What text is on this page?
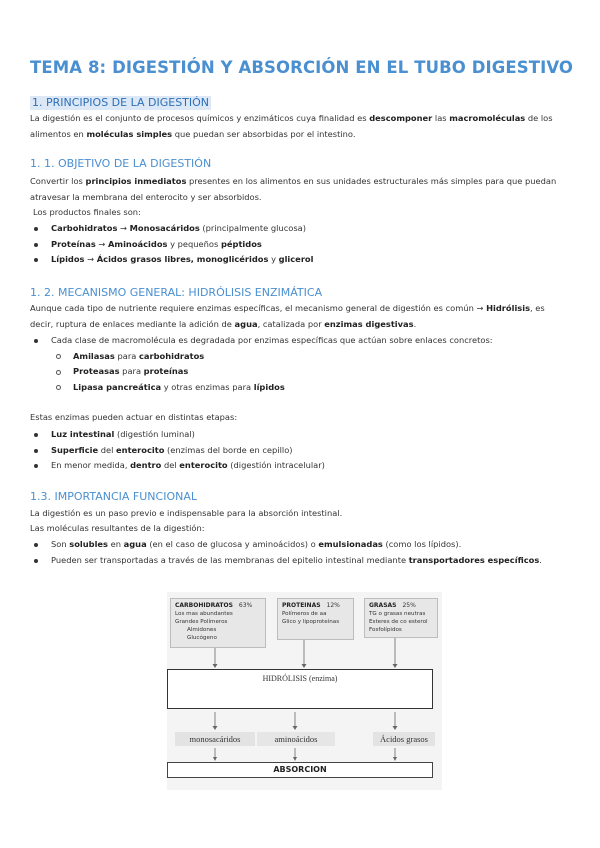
TEMA 8: DIGESTIÓN Y ABSORCIÓN EN EL TUBO DIGESTIVO
1. PRINCIPIOS DE LA DIGESTIÓN

La digestión es el conjunto de procesos químicos y enzimáticos cuya finalidad es descomponer las macromoléculas de los alimentos en moléculas simples que puedan ser absorbidas por el intestino.

1. 1. OBJETIVO DE LA DIGESTIÓN

Convertir los principios inmediatos presentes en los alimentos en sus unidades estructurales más simples para que puedan atravesar la membrana del enterocito y ser absorbidos.

Los productos finales son:

Carbohidratos → Monosacáridos (principalmente glucosa)
Proteínas → Aminoácidos y pequeños péptidos
Lípidos → Ácidos grasos libres, monoglicéridos y glicerol
1. 2. MECANISMO GENERAL: HIDRÓLISIS ENZIMÁTICA

Aunque cada tipo de nutriente requiere enzimas específicas, el mecanismo general de digestión es común → Hidrólisis, es decir, ruptura de enlaces mediante la adición de agua, catalizada por enzimas digestivas.

Cada clase de macromolécula es degradada por enzimas específicas que actúan sobre enlaces concretos:
Amilasas para carbohidratos
Proteasas para proteínas
Lipasa pancreática y otras enzimas para lípidos

Estas enzimas pueden actuar en distintas etapas:

Luz intestinal (digestión luminal)
Superficie del enterocito (enzimas del borde en cepillo)
En menor medida, dentro del enterocito (digestión intracelular)
1.3. IMPORTANCIA FUNCIONAL

La digestión es un paso previo e indispensable para la absorción intestinal.

Las moléculas resultantes de la digestión:

Son solubles en agua (en el caso de glucosa y aminoácidos) o emulsionadas (como los lípidos).
Pueden ser transportadas a través de las membranas del epitelio intestinal mediante transportadores específicos.
CARBOHIDRATOS 63%
Los mas abundantes
Grandes Polímeros
Almidones
Glucógeno
PROTEINAS 12%
Polímeros de aa
Glico y lipoproteínas
GRASAS 25%
TG o grasas neutras
Esteres de co esterol
Fosfolípidos
HIDRÓLISIS (enzima)
monosacáridos	aminoácidos	Ácidos grasos
ABSORCION
